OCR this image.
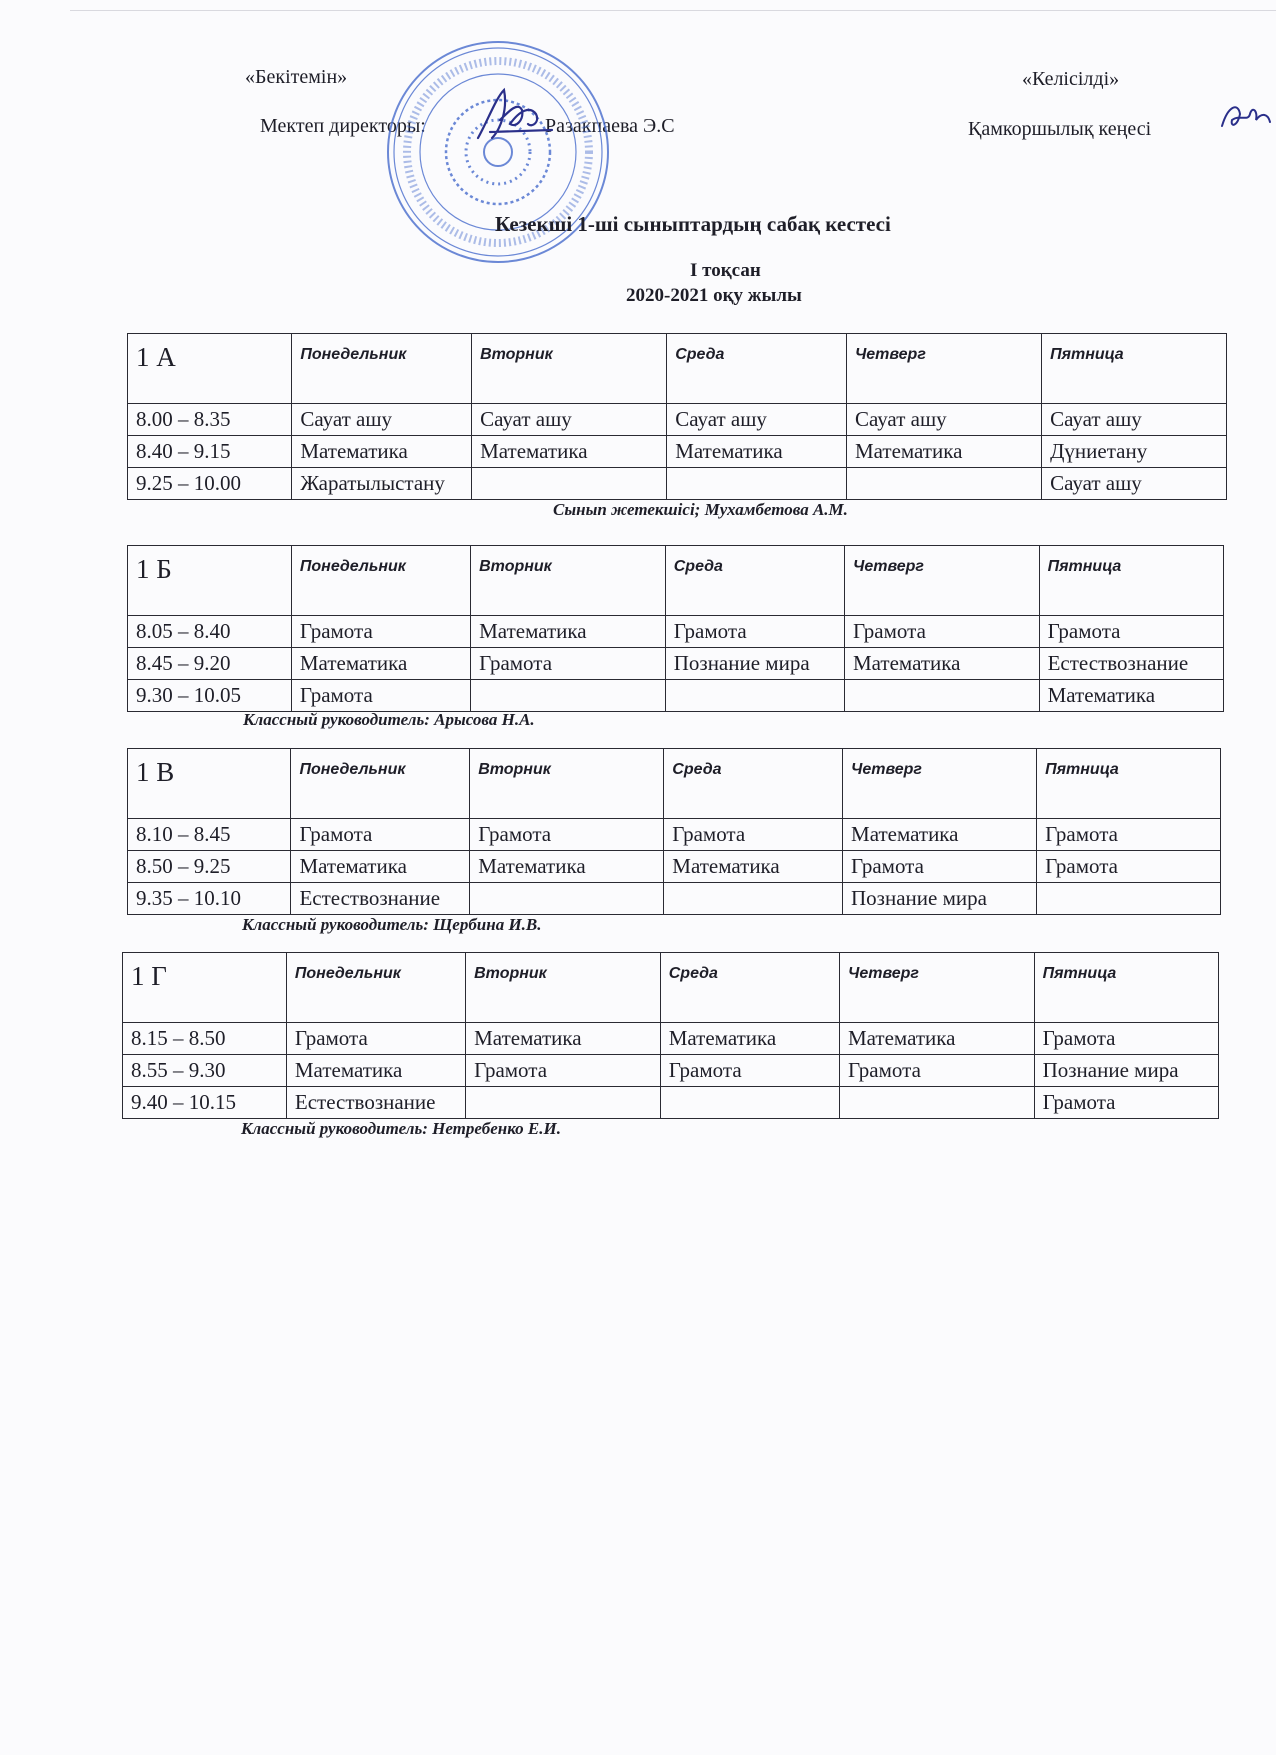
«Бекітемін»
Мектеп директоры:	Разакпаева Э.С
«Келісілді»
Қамкоршылық кеңесі
Кезекші 1-ші сыныптардың сабақ кестесі
І тоқсан
2020-2021 оқу жылы
1 А	Понедельник	Вторник	Среда	Четверг	Пятница
8.00 – 8.35	Сауат ашу	Сауат ашу	Сауат ашу	Сауат ашу	Сауат ашу
8.40 – 9.15	Математика	Математика	Математика	Математика	Дүниетану
9.25 – 10.00	Жаратылыстану				Сауат ашу
Сынып жетекшісі; Мухамбетова А.М.
1 Б	Понедельник	Вторник	Среда	Четверг	Пятница
8.05 – 8.40	Грамота	Математика	Грамота	Грамота	Грамота
8.45 – 9.20	Математика	Грамота	Познание мира	Математика	Естествознание
9.30 – 10.05	Грамота				Математика
Классный руководитель: Арысова Н.А.
1 В	Понедельник	Вторник	Среда	Четверг	Пятница
8.10 – 8.45	Грамота	Грамота	Грамота	Математика	Грамота
8.50 – 9.25	Математика	Математика	Математика	Грамота	Грамота
9.35 – 10.10	Естествознание			Познание мира	
Классный руководитель: Щербина И.В.
1 Г	Понедельник	Вторник	Среда	Четверг	Пятница
8.15 – 8.50	Грамота	Математика	Математика	Математика	Грамота
8.55 – 9.30	Математика	Грамота	Грамота	Грамота	Познание мира
9.40 – 10.15	Естествознание				Грамота
Классный руководитель: Нетребенко Е.И.
